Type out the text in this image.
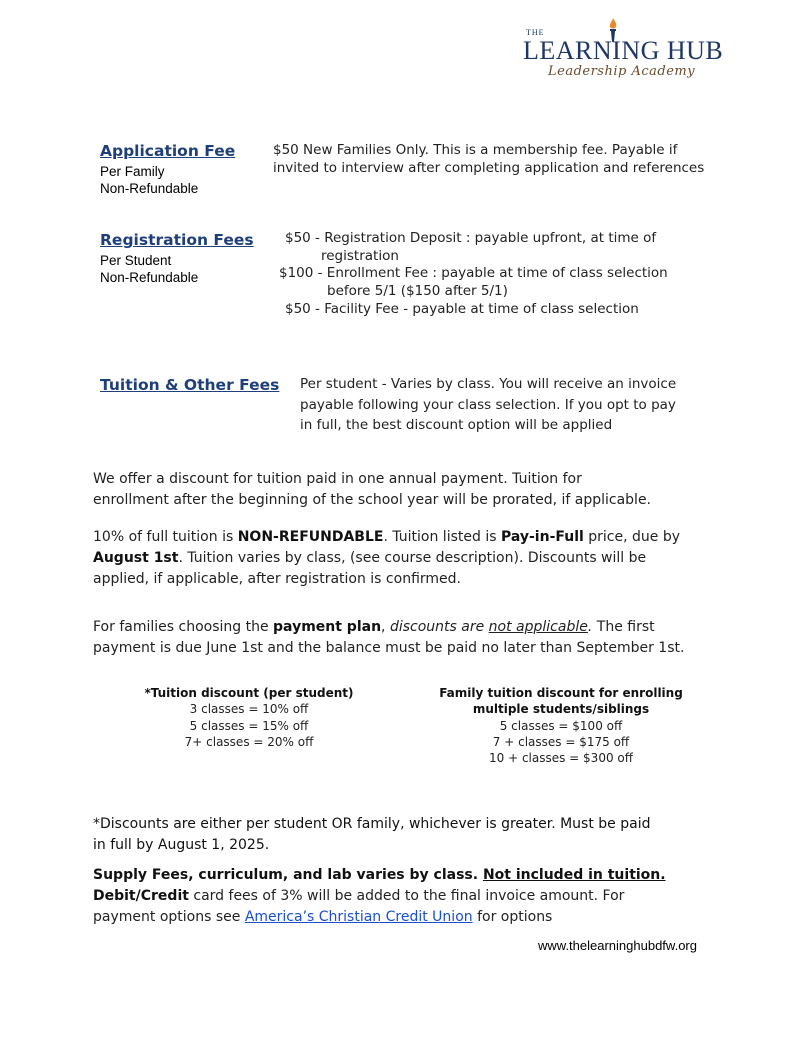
THE
LEARNING HUB
Leadership Academy
Application Fee
Per Family
Non-Refundable
$50 New Families Only. This is a membership fee. Payable if invited to interview after completing application and references
Registration Fees
Per Student
Non-Refundable
$50 - Registration Deposit : payable upfront, at time of
registration
$100 - Enrollment Fee : payable at time of class selection
before 5/1 ($150 after 5/1)
$50 - Facility Fee - payable at time of class selection
Tuition & Other Fees Per student - Varies by class. You will receive an invoice
payable following your class selection. If you opt to pay
in full, the best discount option will be applied
We offer a discount for tuition paid in one annual payment. Tuition for
enrollment after the beginning of the school year will be prorated, if applicable.
10% of full tuition is NON-REFUNDABLE. Tuition listed is Pay-in-Full price, due by
August 1st. Tuition varies by class, (see course description). Discounts will be
applied, if applicable, after registration is confirmed.
For families choosing the payment plan, discounts are not applicable. The first
payment is due June 1st and the balance must be paid no later than September 1st.
*Tuition discount (per student)
3 classes = 10% off
5 classes = 15% off
7+ classes = 20% off
Family tuition discount for enrolling
multiple students/siblings
5 classes = $100 off
7 + classes = $175 off
10 + classes = $300 off
*Discounts are either per student OR family, whichever is greater. Must be paid
in full by August 1, 2025.
Supply Fees, curriculum, and lab varies by class. Not included in tuition.
Debit/Credit card fees of 3% will be added to the final invoice amount. For
payment options see America’s Christian Credit Union for options
www.thelearninghubdfw.org
